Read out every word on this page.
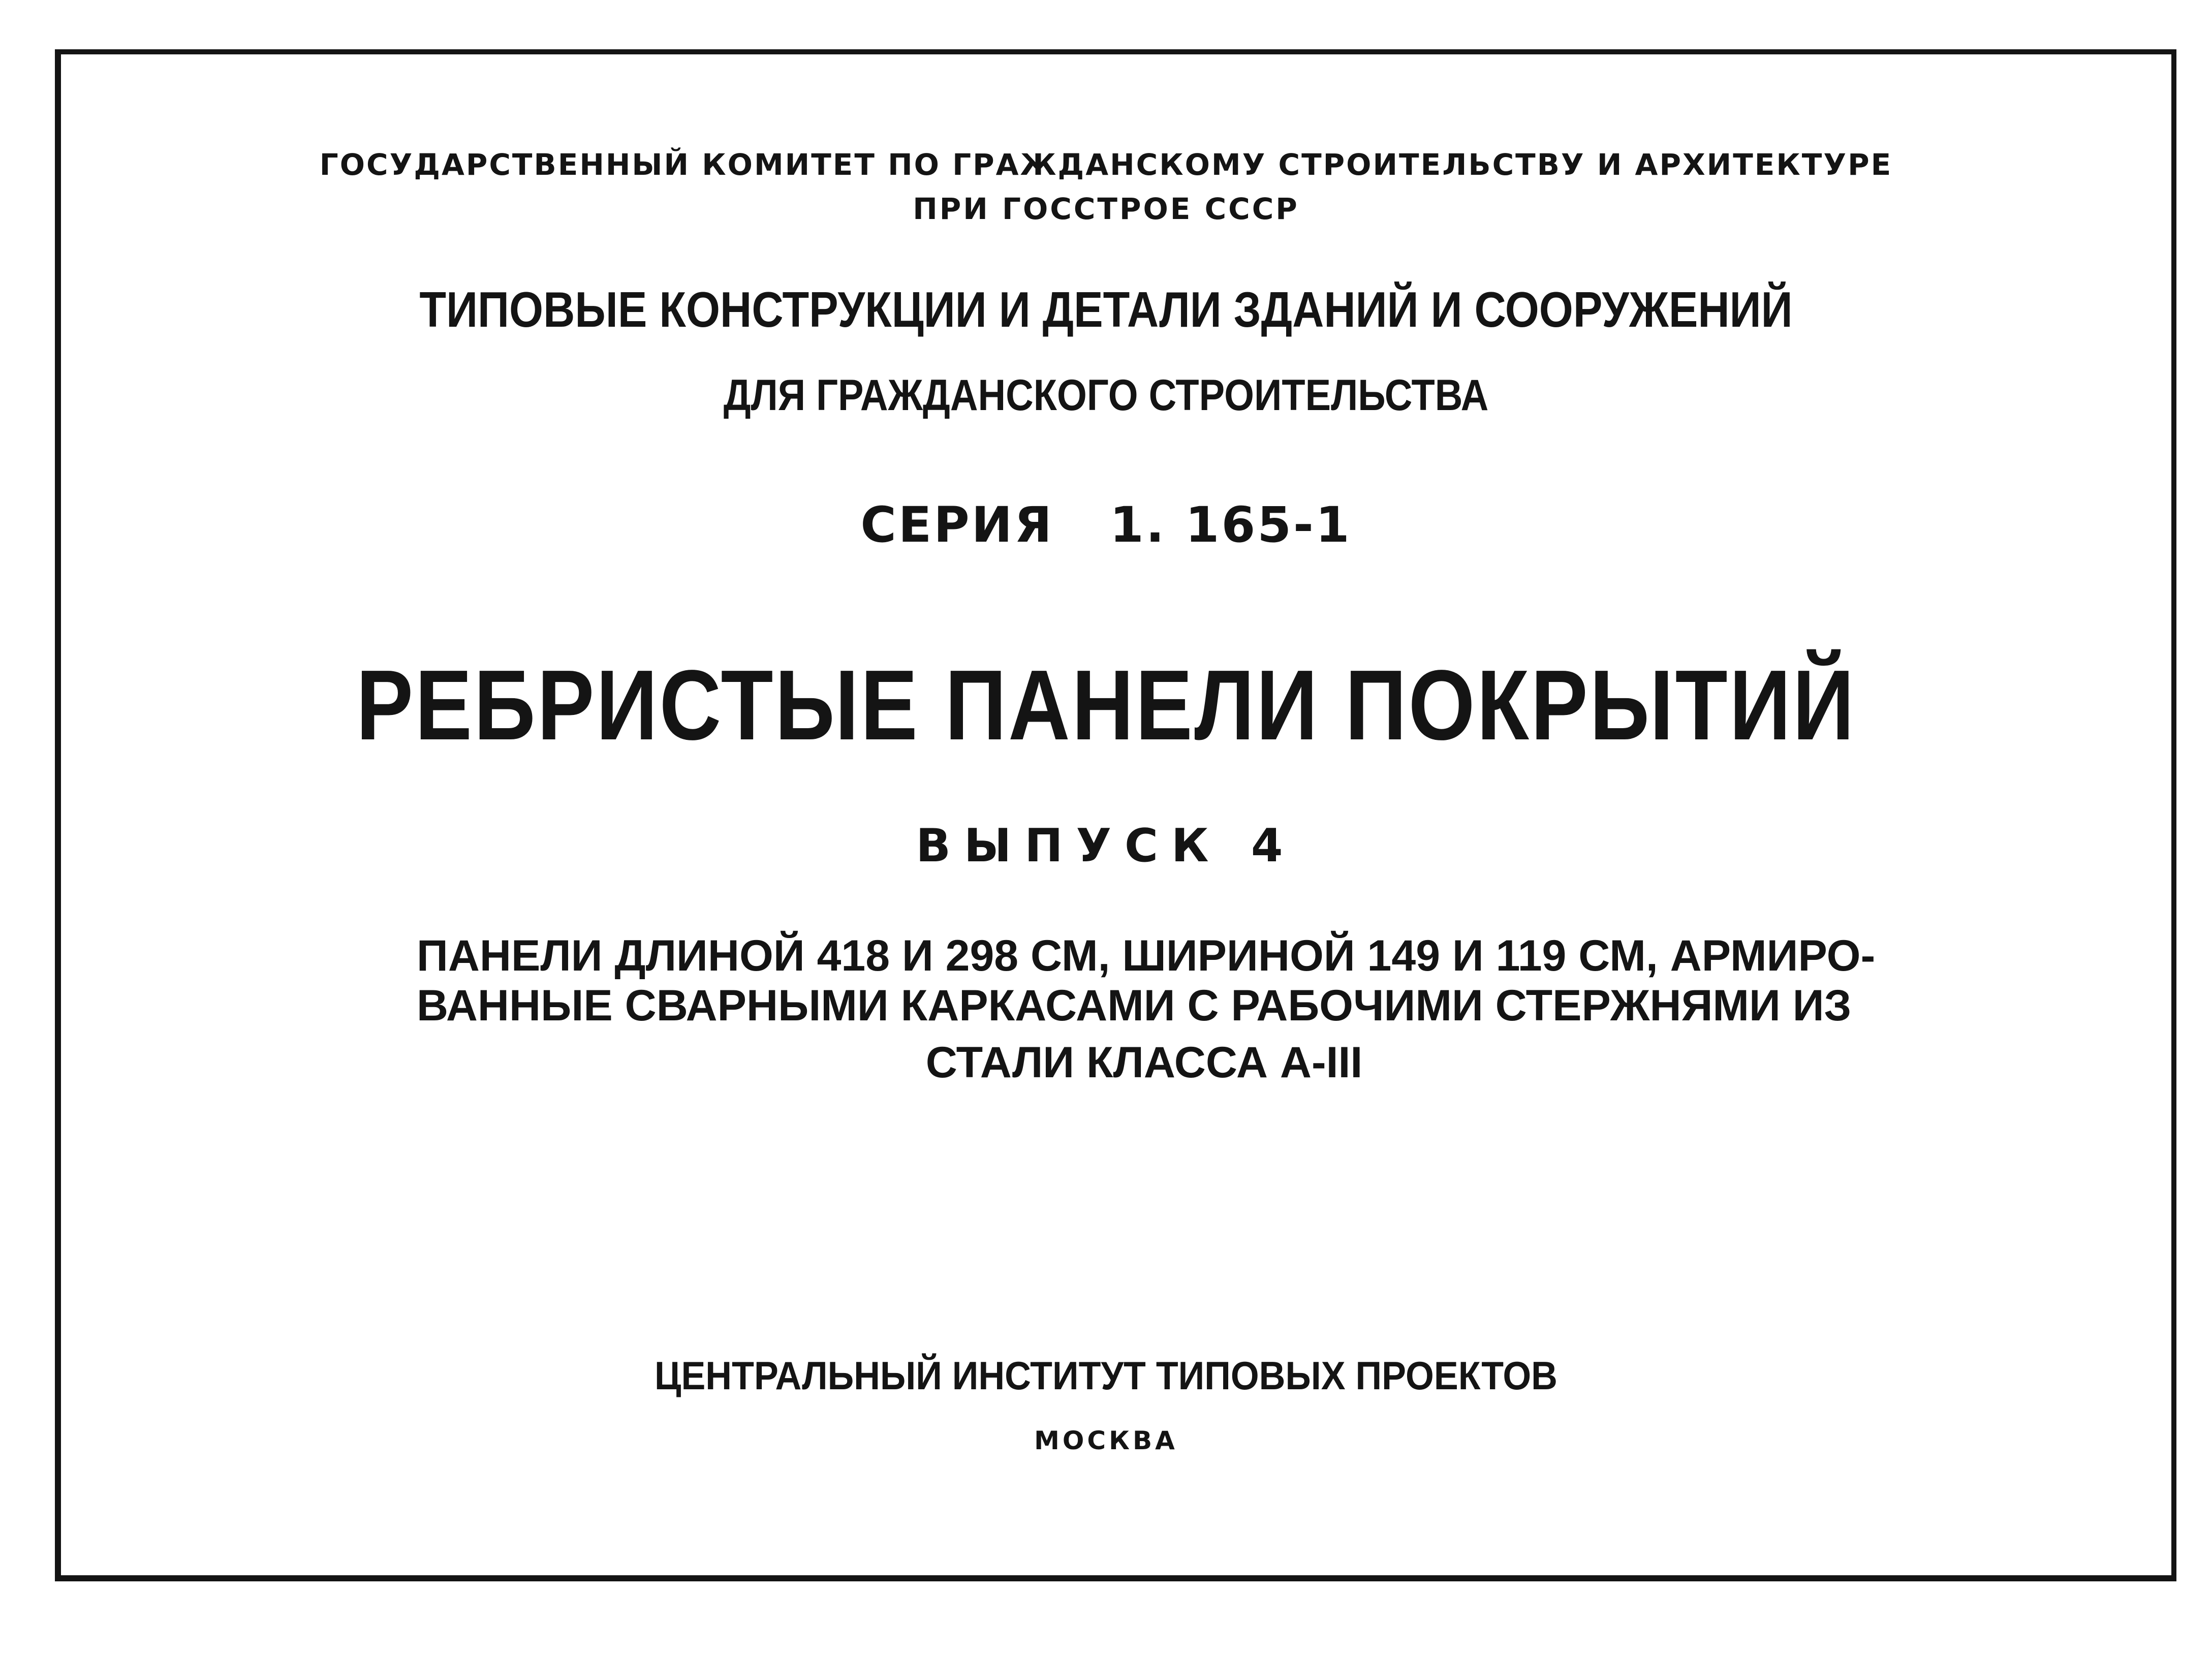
ГОСУДАРСТВЕННЫЙ КОМИТЕТ ПО ГРАЖДАНСКОМУ СТРОИТЕЛЬСТВУ И АРХИТЕКТУРЕ
ПРИ ГОССТРОЕ СССР
ТИПОВЫЕ КОНСТРУКЦИИ И ДЕТАЛИ ЗДАНИЙ И СООРУЖЕНИЙ
ДЛЯ ГРАЖДАНСКОГО СТРОИТЕЛЬСТВА
СЕРИЯ 1. 165-1
РЕБРИСТЫЕ ПАНЕЛИ ПОКРЫТИЙ
ВЫПУСК 4
ПАНЕЛИ ДЛИНОЙ 418 И 298 СМ, ШИРИНОЙ 149 И 119 СМ, АРМИРО-
ВАННЫЕ СВАРНЫМИ КАРКАСАМИ С РАБОЧИМИ СТЕРЖНЯМИ ИЗ
СТАЛИ КЛАССА А-III
ЦЕНТРАЛЬНЫЙ ИНСТИТУТ ТИПОВЫХ ПРОЕКТОВ
МОСКВА
